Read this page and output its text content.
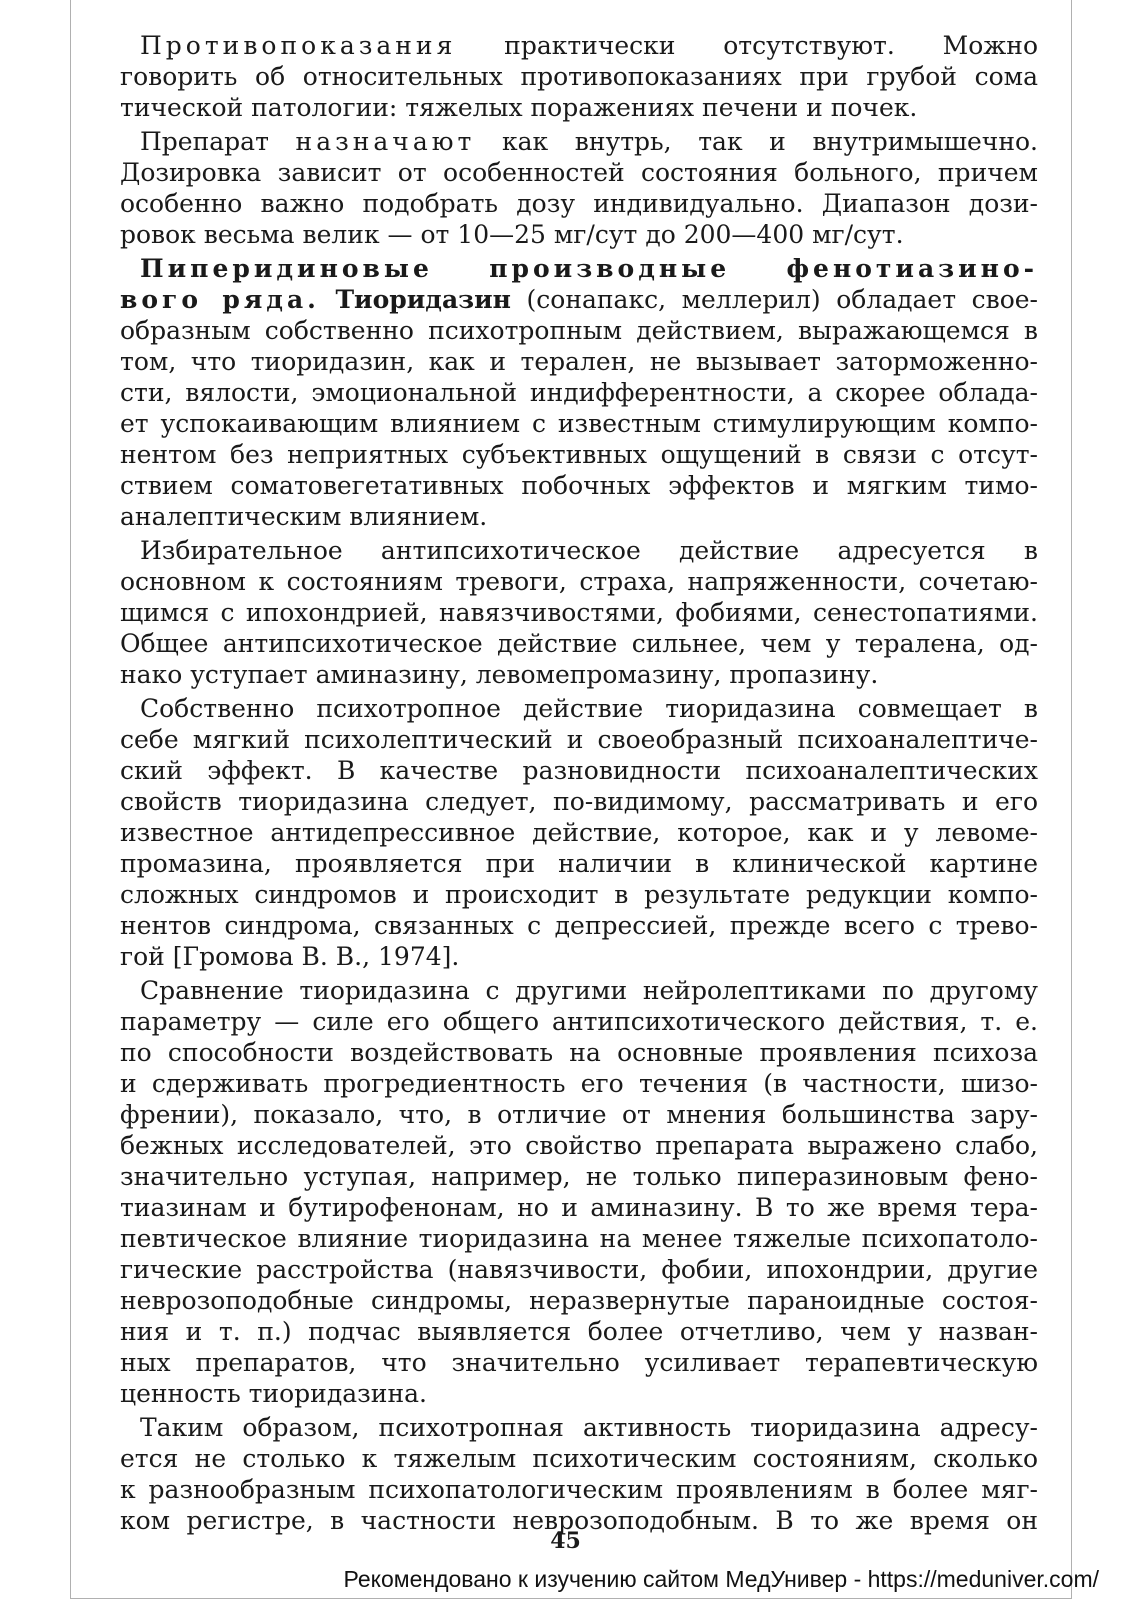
Противопоказания практически отсутствуют. Можно
говорить об относительных противопоказаниях при грубой сома
тической патологии: тяжелых поражениях печени и почек.
Препарат назначают как внутрь, так и внутримышечно.
Дозировка зависит от особенностей состояния больного, причем
особенно важно подобрать дозу индивидуально. Диапазон дози-
ровок весьма велик — от 10—25 мг/сут до 200—400 мг/сут.
Пиперидиновые производные фенотиазино-
вого ряда. Тиоридазин (сонапакс, меллерил) обладает свое-
образным собственно психотропным действием, выражающемся в
том, что тиоридазин, как и терален, не вызывает заторможенно-
сти, вялости, эмоциональной индифферентности, а скорее облада-
ет успокаивающим влиянием с известным стимулирующим компо-
нентом без неприятных субъективных ощущений в связи с отсут-
ствием соматовегетативных побочных эффектов и мягким тимо-
аналептическим влиянием.
Избирательное антипсихотическое действие адресуется в
основном к состояниям тревоги, страха, напряженности, сочетаю-
щимся с ипохондрией, навязчивостями, фобиями, сенестопатиями.
Общее антипсихотическое действие сильнее, чем у тералена, од-
нако уступает аминазину, левомепромазину, пропазину.
Собственно психотропное действие тиоридазина совмещает в
себе мягкий психолептический и своеобразный психоаналептиче-
ский эффект. В качестве разновидности психоаналептических
свойств тиоридазина следует, по-видимому, рассматривать и его
известное антидепрессивное действие, которое, как и у левоме-
промазина, проявляется при наличии в клинической картине
сложных синдромов и происходит в результате редукции компо-
нентов синдрома, связанных с депрессией, прежде всего с трево-
гой [Громова В. В., 1974].
Сравнение тиоридазина с другими нейролептиками по другому
параметру — силе его общего антипсихотического действия, т. е.
по способности воздействовать на основные проявления психоза
и сдерживать прогредиентность его течения (в частности, шизо-
френии), показало, что, в отличие от мнения большинства зару-
бежных исследователей, это свойство препарата выражено слабо,
значительно уступая, например, не только пиперазиновым фено-
тиазинам и бутирофенонам, но и аминазину. В то же время тера-
певтическое влияние тиоридазина на менее тяжелые психопатоло-
гические расстройства (навязчивости, фобии, ипохондрии, другие
неврозоподобные синдромы, неразвернутые параноидные состоя-
ния и т. п.) подчас выявляется более отчетливо, чем у назван-
ных препаратов, что значительно усиливает терапевтическую
ценность тиоридазина.
Таким образом, психотропная активность тиоридазина адресу-
ется не столько к тяжелым психотическим состояниям, сколько
к разнообразным психопатологическим проявлениям в более мяг-
ком регистре, в частности неврозоподобным. В то же время он
45
Рекомендовано к изучению сайтом МедУнивер - https://meduniver.com/
